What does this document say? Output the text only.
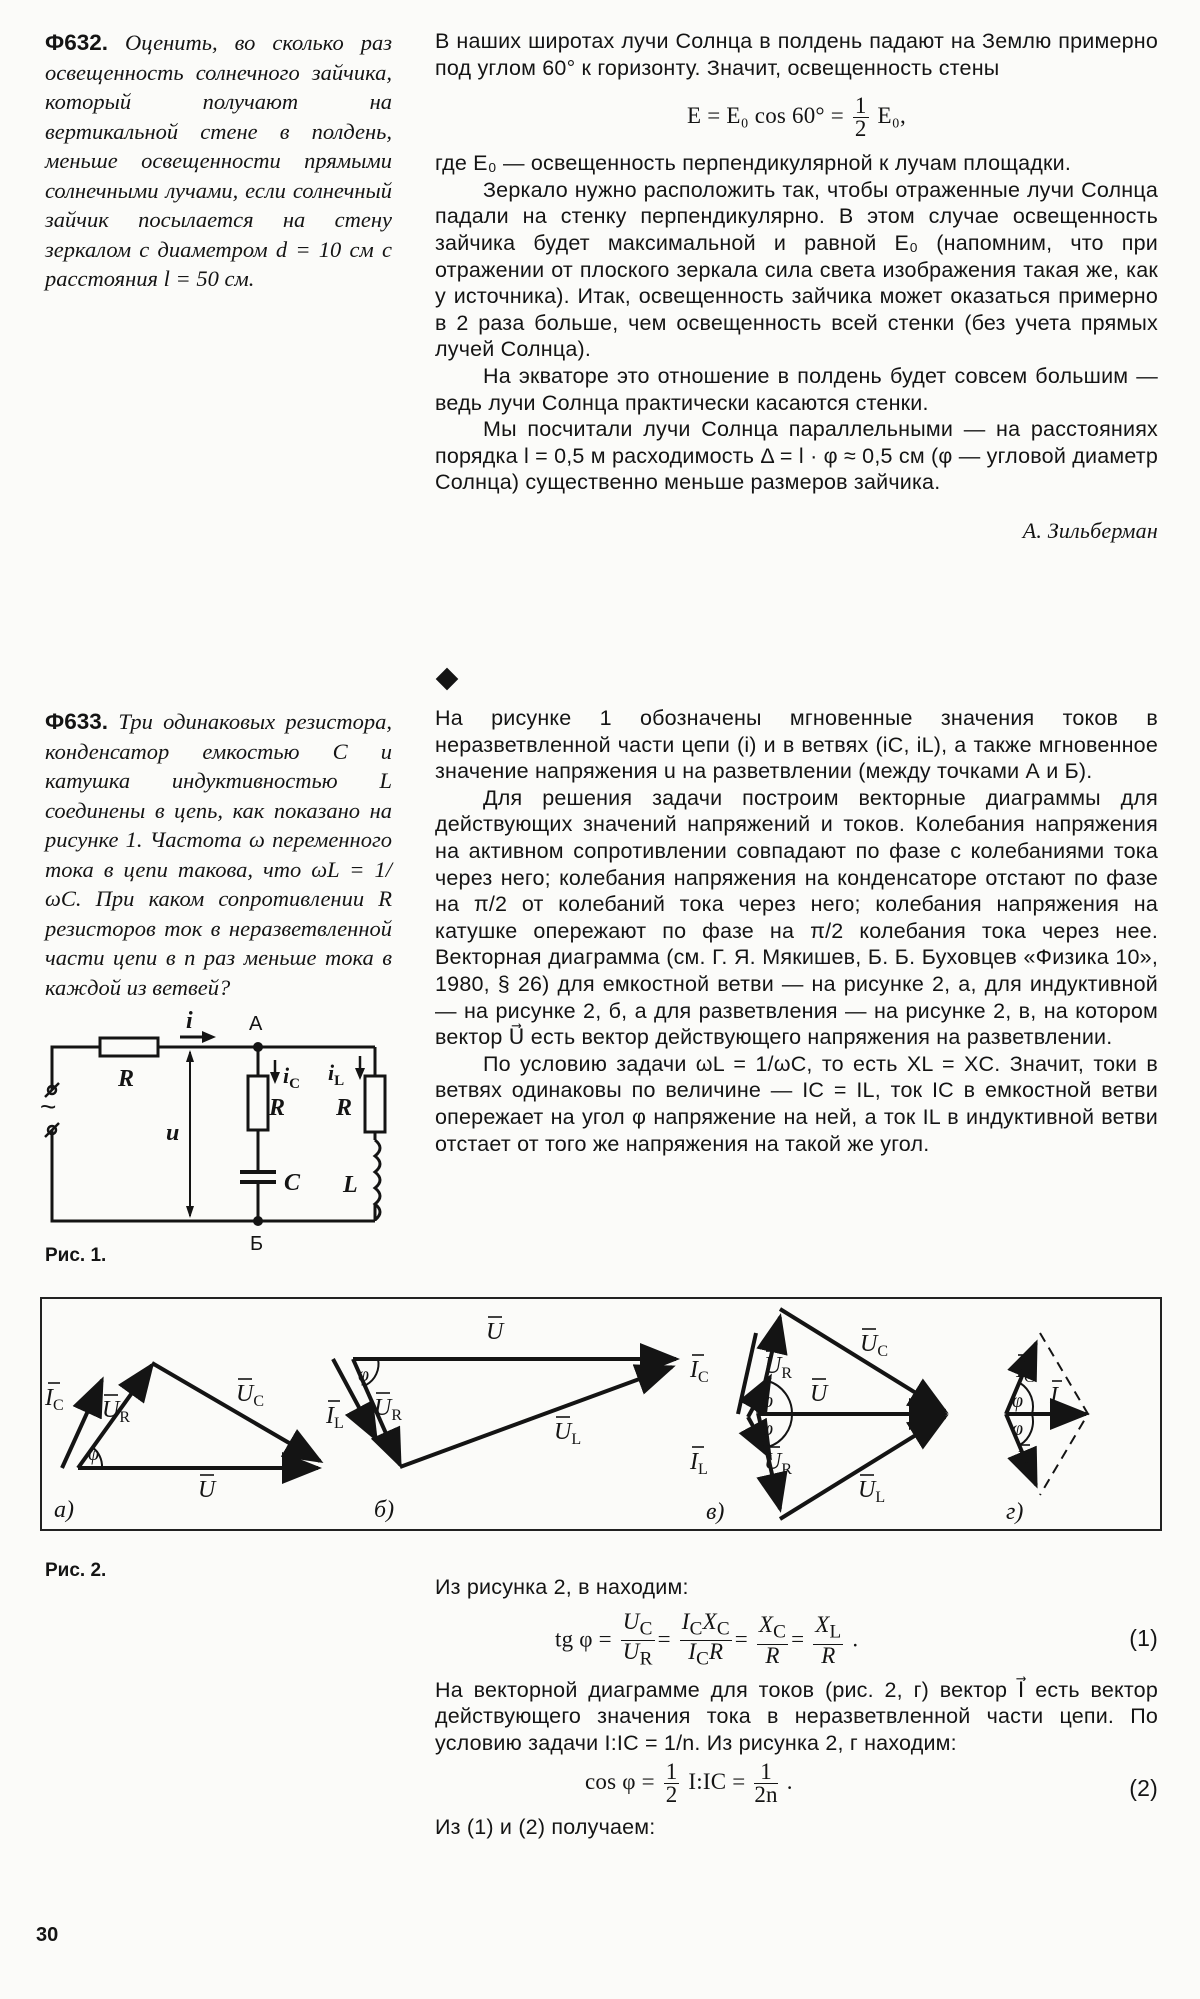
Ф632. Оценить, во сколько раз освещенность солнечного зайчика, который получают на вертикальной стене в полдень, меньше освещенности прямыми солнечными лучами, если солнечный зайчик посылается на стену зеркалом с диаметром d = 10 см с расстояния l = 50 см.

В наших широтах лучи Солнца в полдень падают на Землю примерно под углом 60° к горизонту. Значит, освещенность стены

E = E₀ $\cos 60^\circ = \frac{1}{2} E_0$,

где E₀ — освещенность перпендикулярной к лучам площадки.

Зеркало нужно расположить так, чтобы отраженные лучи Солнца падали на стенку перпендикулярно. В этом случае освещенность зайчика будет максимальной и равной E₀ (напомним, что при отражении от плоского зеркала сила света изображения такая же, как у источника). Итак, освещенность зайчика может оказаться примерно в 2 раза больше, чем освещенность всей стенки (без учета прямых лучей Солнца).

На экваторе это отношение в полдень будет совсем большим — ведь лучи Солнца практически касаются стенки.

Мы посчитали лучи Солнца параллельными — на расстояниях порядка l = 0,5 м расходимость Δ = l · φ ≈ 0,5 см (φ — угловой диаметр Солнца) существенно меньше размеров зайчика.

А. Зильберман

Ф633. Три одинаковых резистора, конденсатор емкостью C и катушка индуктивностью L соединены в цепь, как показано на рисунке 1. Частота ω переменного тока в цепи такова, что ωL = 1/ωC. При каком сопротивлении R резисторов ток в неразветвленной части цепи в n раз меньше тока в каждой из ветвей?
i
R
R R
u
C L
$i_C$ $i_L$
А
Б
~
Рис. 1.

На рисунке 1 обозначены мгновенные значения токов в неразветвленной части цепи (i) и в ветвях (iC, iL), а также мгновенное значение напряжения u на разветвлении (между точками А и Б).

Для решения задачи построим векторные диаграммы для действующих значений напряжений и токов. Колебания напряжения на активном сопротивлении совпадают по фазе с колебаниями тока через него; колебания напряжения на конденсаторе отстают по фазе на π/2 от колебаний тока через него; колебания напряжения на катушке опережают по фазе на π/2 колебания тока через нее. Векторная диаграмма (см. Г. Я. Мякишев, Б. Б. Буховцев «Физика 10», 1980, § 26) для емкостной ветви — на рисунке 2, а, для индуктивной — на рисунке 2, б, а для разветвления — на рисунке 2, в, на котором вектор U⃗ есть вектор действующего напряжения на разветвлении.

По условию задачи ωL = 1/ωC, то есть XL = XC. Значит, токи в ветвях одинаковы по величине — IC = IL, ток IC в емкостной ветви опережает на угол φ напряжение на ней, а ток IL в индуктивной ветви отстает от того же напряжения на такой же угол.

$I_C$ $U_R$
$U_C$
U
φ
а)
U
$I_L$
$U_R$
$U_L$
φ
б)
$I_C$ $U_R$
$U_C$
U
$I_L$ $U_R$
$U_L$
φ
φ
в)
$I_C$
I
$I_L$
φ
φ
г)
Рис. 2.

Из рисунка 2, в находим:

tg $\varphi = \frac{U_C}{U_R} = \frac{I_CX_C}{I_CR} = \frac{X_C}{R} = \frac{X_L}{R}$ .	(1)

На векторной диаграмме для токов (рис. 2, г) вектор I⃗ есть вектор действующего значения тока в неразветвленной части цепи. По условию задачи I:IC = 1/n. Из рисунка 2, г находим:

$\cos \varphi = \frac{1}{2}$ I:IC = $\frac{1}{2n}$ .	(2)

Из (1) и (2) получаем:

30
